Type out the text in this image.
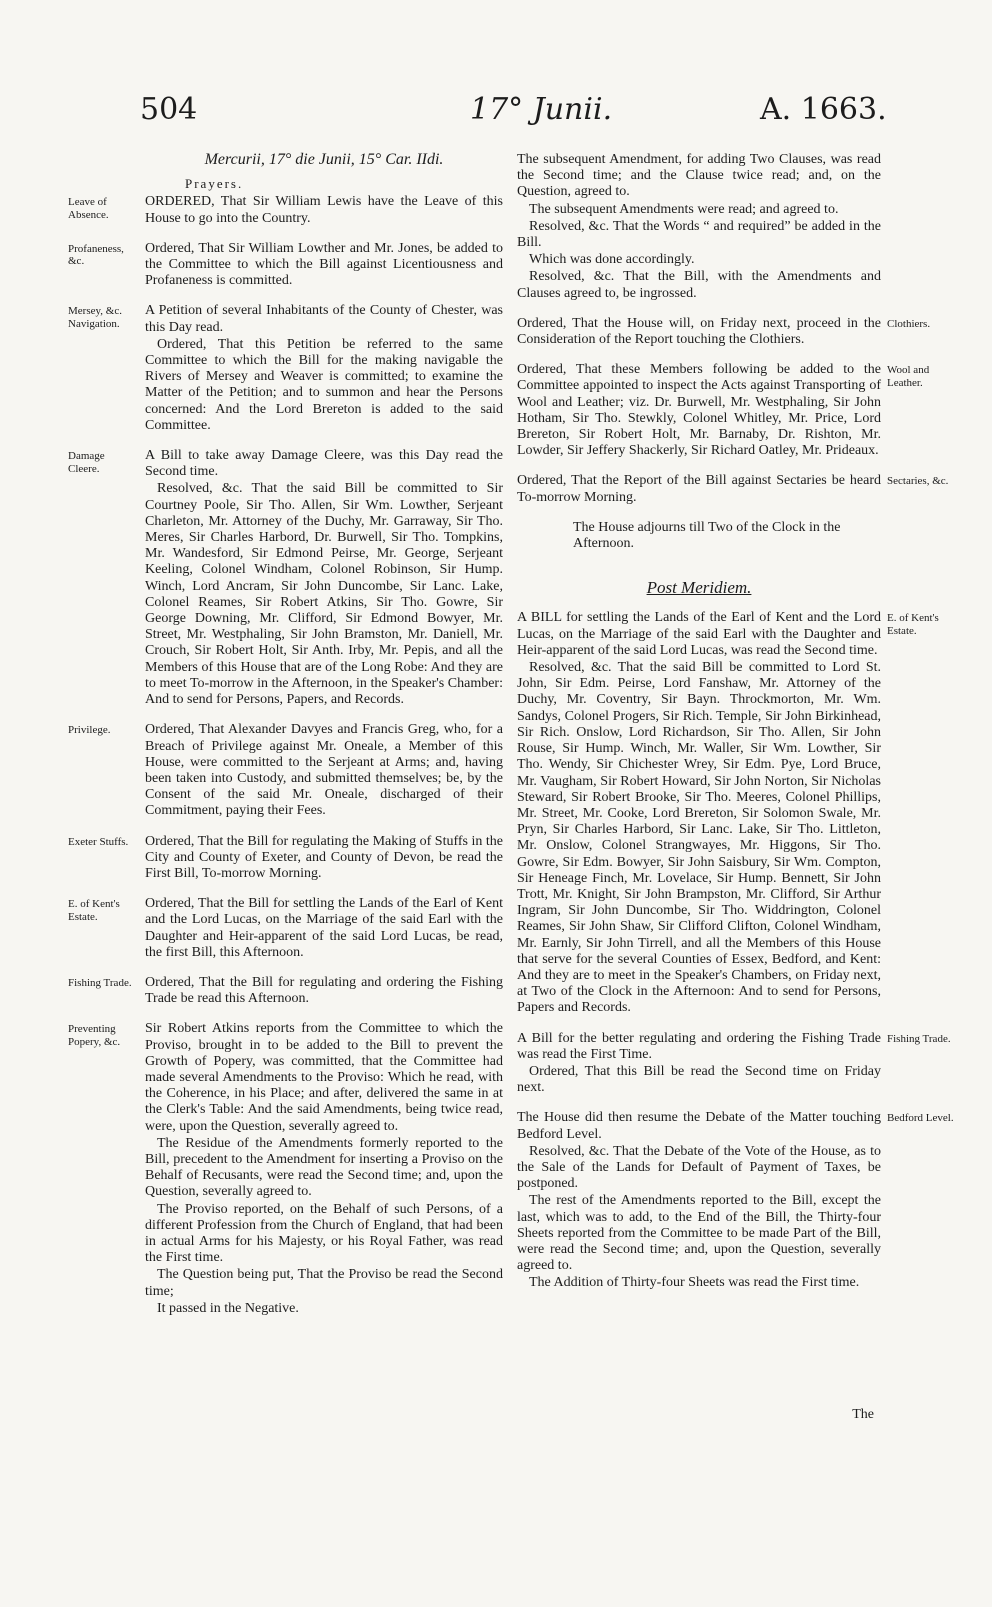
504	17° Junii.	A. 1663.
Mercurii, 17° die Junii, 15° Car. IIdi.
Prayers.
Leave of Absence.

ORDERED, That Sir William Lewis have the Leave of this House to go into the Country.

Profaneness, &c.

Ordered, That Sir William Lowther and Mr. Jones, be added to the Committee to which the Bill against Licentiousness and Profaneness is committed.

Mersey, &c. Navigation.

A Petition of several Inhabitants of the County of Chester, was this Day read.

Ordered, That this Petition be referred to the same Committee to which the Bill for the making navigable the Rivers of Mersey and Weaver is committed; to examine the Matter of the Petition; and to summon and hear the Persons concerned: And the Lord Brereton is added to the said Committee.

Damage Cleere.

A Bill to take away Damage Cleere, was this Day read the Second time.

Resolved, &c. That the said Bill be committed to Sir Courtney Poole, Sir Tho. Allen, Sir Wm. Lowther, Serjeant Charleton, Mr. Attorney of the Duchy, Mr. Garraway, Sir Tho. Meres, Sir Charles Harbord, Dr. Burwell, Sir Tho. Tompkins, Mr. Wandesford, Sir Edmond Peirse, Mr. George, Serjeant Keeling, Colonel Windham, Colonel Robinson, Sir Hump. Winch, Lord Ancram, Sir John Duncombe, Sir Lanc. Lake, Colonel Reames, Sir Robert Atkins, Sir Tho. Gowre, Sir George Downing, Mr. Clifford, Sir Edmond Bowyer, Mr. Street, Mr. Westphaling, Sir John Bramston, Mr. Daniell, Mr. Crouch, Sir Robert Holt, Sir Anth. Irby, Mr. Pepis, and all the Members of this House that are of the Long Robe: And they are to meet To-morrow in the Afternoon, in the Speaker's Chamber: And to send for Persons, Papers, and Records.

Privilege.	Ordered, That Alexander Davyes and Francis Greg, who, for a Breach of Privilege against Mr. Oneale, a Member of this House, were committed to the Serjeant at Arms; and, having been taken into Custody, and submitted themselves; be, by the Consent of the said Mr. Oneale, discharged of their Commitment, paying their Fees.

Exeter Stuffs.	Ordered, That the Bill for regulating the Making of Stuffs in the City and County of Exeter, and County of Devon, be read the First Bill, To-morrow Morning.

E. of Kent's Estate.

Ordered, That the Bill for settling the Lands of the Earl of Kent and the Lord Lucas, on the Marriage of the said Earl with the Daughter and Heir-apparent of the said Lord Lucas, be read, the first Bill, this Afternoon.

Fishing Trade. Ordered, That the Bill for regulating and ordering the Fishing Trade be read this Afternoon.

Preventing Popery, &c.

Sir Robert Atkins reports from the Committee to which the Proviso, brought in to be added to the Bill to prevent the Growth of Popery, was committed, that the Committee had made several Amendments to the Proviso: Which he read, with the Coherence, in his Place; and after, delivered the same in at the Clerk's Table: And the said Amendments, being twice read, were, upon the Question, severally agreed to.

The Residue of the Amendments formerly reported to the Bill, precedent to the Amendment for inserting a Proviso on the Behalf of Recusants, were read the Second time; and, upon the Question, severally agreed to.

The Proviso reported, on the Behalf of such Persons, of a different Profession from the Church of England, that had been in actual Arms for his Majesty, or his Royal Father, was read the First time.

The Question being put, That the Proviso be read the Second time;

It passed in the Negative.

The subsequent Amendment, for adding Two Clauses, was read the Second time; and the Clause twice read; and, on the Question, agreed to.

The subsequent Amendments were read; and agreed to.

Resolved, &c. That the Words “ and required” be added in the Bill.

Which was done accordingly.

Resolved, &c. That the Bill, with the Amendments and Clauses agreed to, be ingrossed.

Clothiers.

Ordered, That the House will, on Friday next, proceed in the Consideration of the Report touching the Clothiers.

Wool and Leather.

Ordered, That these Members following be added to the Committee appointed to inspect the Acts against Transporting of Wool and Leather; viz. Dr. Burwell, Mr. Westphaling, Sir John Hotham, Sir Tho. Stewkly, Colonel Whitley, Mr. Price, Lord Brereton, Sir Robert Holt, Mr. Barnaby, Dr. Rishton, Mr. Lowder, Sir Jeffery Shackerly, Sir Richard Oatley, Mr. Prideaux.

Sectaries, &c.

Ordered, That the Report of the Bill against Sectaries be heard To-morrow Morning.

The House adjourns till Two of the Clock in the Afternoon.
Post Meridiem.
E. of Kent's Estate.

A BILL for settling the Lands of the Earl of Kent and the Lord Lucas, on the Marriage of the said Earl with the Daughter and Heir-apparent of the said Lord Lucas, was read the Second time.

Resolved, &c. That the said Bill be committed to Lord St. John, Sir Edm. Peirse, Lord Fanshaw, Mr. Attorney of the Duchy, Mr. Coventry, Sir Bayn. Throckmorton, Mr. Wm. Sandys, Colonel Progers, Sir Rich. Temple, Sir John Birkinhead, Sir Rich. Onslow, Lord Richardson, Sir Tho. Allen, Sir John Rouse, Sir Hump. Winch, Mr. Waller, Sir Wm. Lowther, Sir Tho. Wendy, Sir Chichester Wrey, Sir Edm. Pye, Lord Bruce, Mr. Vaugham, Sir Robert Howard, Sir John Norton, Sir Nicholas Steward, Sir Robert Brooke, Sir Tho. Meeres, Colonel Phillips, Mr. Street, Mr. Cooke, Lord Brereton, Sir Solomon Swale, Mr. Pryn, Sir Charles Harbord, Sir Lanc. Lake, Sir Tho. Littleton, Mr. Onslow, Colonel Strangwayes, Mr. Higgons, Sir Tho. Gowre, Sir Edm. Bowyer, Sir John Saisbury, Sir Wm. Compton, Sir Heneage Finch, Mr. Lovelace, Sir Hump. Bennett, Sir John Trott, Mr. Knight, Sir John Brampston, Mr. Clifford, Sir Arthur Ingram, Sir John Duncombe, Sir Tho. Widdrington, Colonel Reames, Sir John Shaw, Sir Clifford Clifton, Colonel Windham, Mr. Earnly, Sir John Tirrell, and all the Members of this House that serve for the several Counties of Essex, Bedford, and Kent: And they are to meet in the Speaker's Chambers, on Friday next, at Two of the Clock in the Afternoon: And to send for Persons, Papers and Records.

Fishing Trade.

A Bill for the better regulating and ordering the Fishing Trade was read the First Time.

Ordered, That this Bill be read the Second time on Friday next.

Bedford Level.

The House did then resume the Debate of the Matter touching Bedford Level.

Resolved, &c. That the Debate of the Vote of the House, as to the Sale of the Lands for Default of Payment of Taxes, be postponed.

The rest of the Amendments reported to the Bill, except the last, which was to add, to the End of the Bill, the Thirty-four Sheets reported from the Committee to be made Part of the Bill, were read the Second time; and, upon the Question, severally agreed to.

The Addition of Thirty-four Sheets was read the First time.

The
